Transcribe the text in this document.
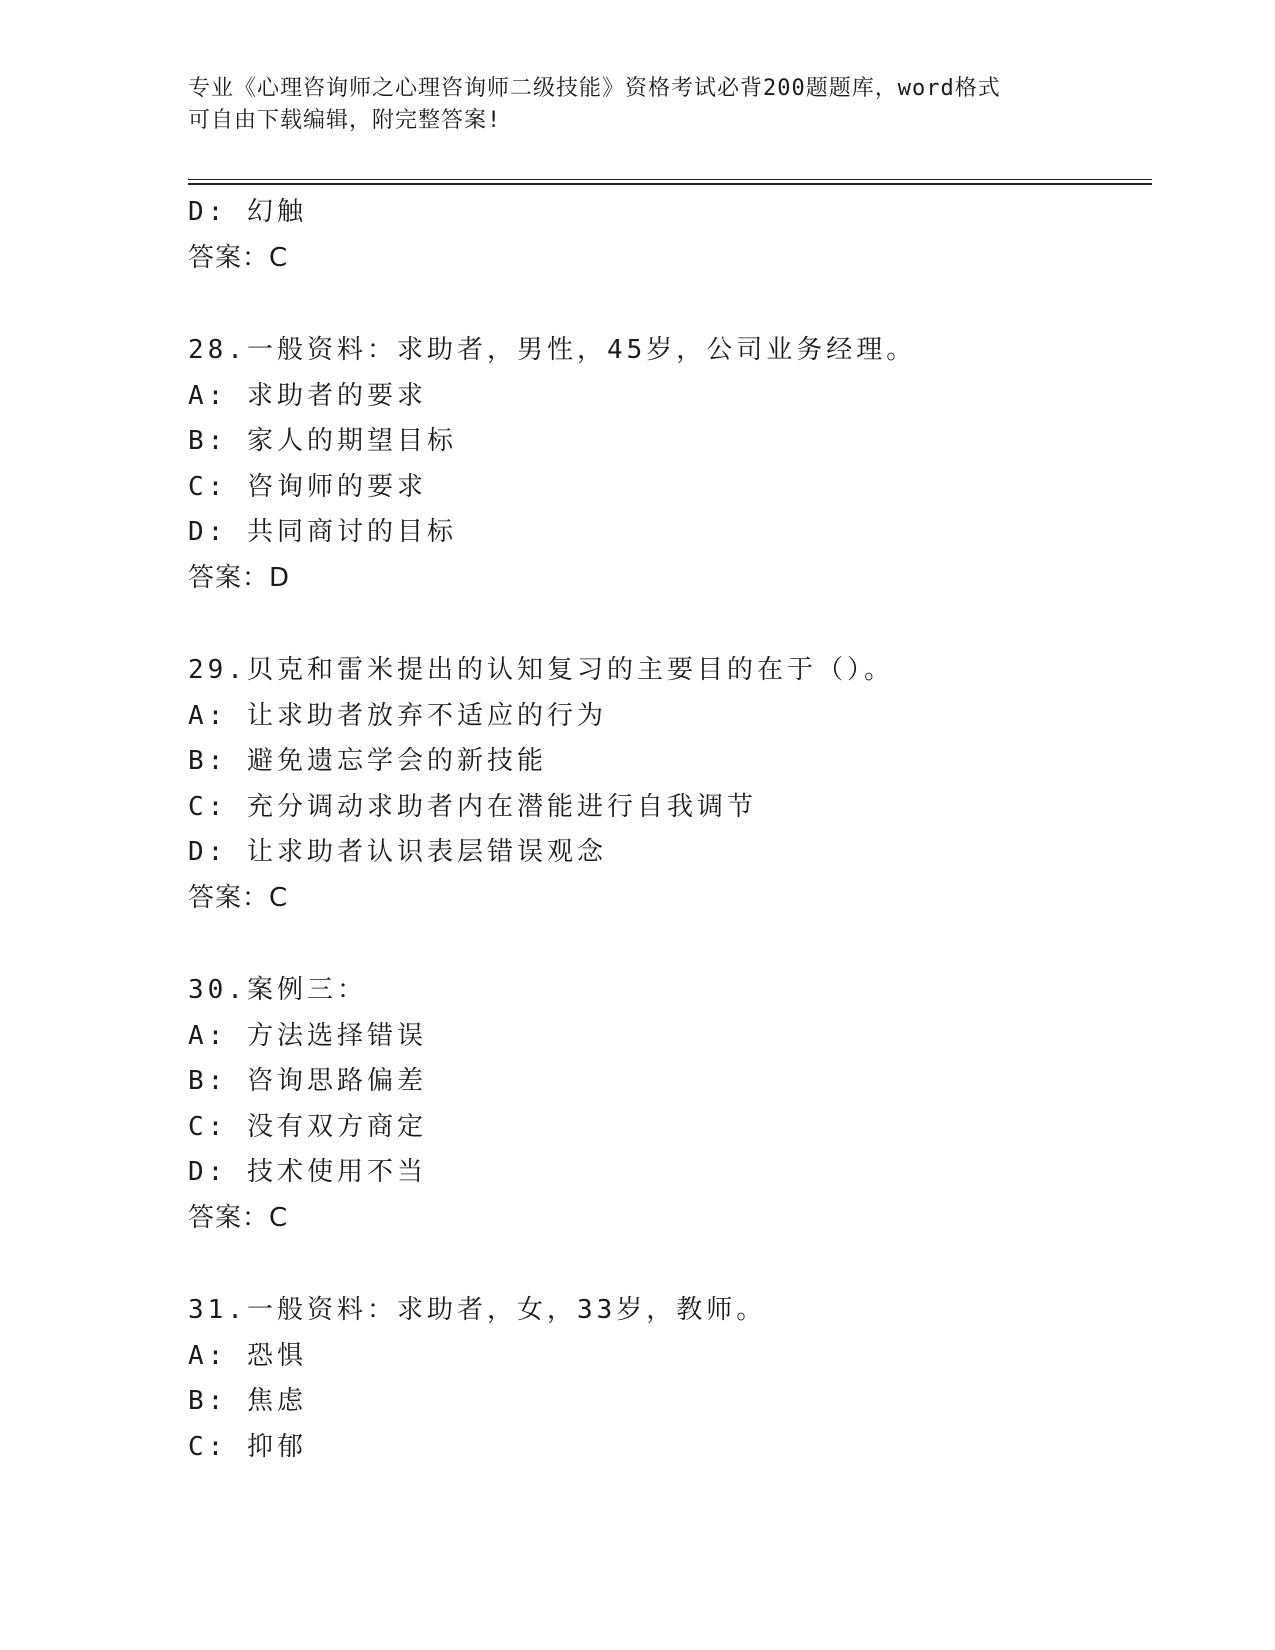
专业《心理咨询师之心理咨询师二级技能》资格考试必背200题题库，word格式
可自由下载编辑，附完整答案!
D: 幻触
答案：C
28.一般资料：求助者，男性，45岁，公司业务经理。
A: 求助者的要求
B: 家人的期望目标
C: 咨询师的要求
D: 共同商讨的目标
答案：D
29.贝克和雷米提出的认知复习的主要目的在于（）。
A: 让求助者放弃不适应的行为
B: 避免遗忘学会的新技能
C: 充分调动求助者内在潜能进行自我调节
D: 让求助者认识表层错误观念
答案：C
30.案例三：
A: 方法选择错误
B: 咨询思路偏差
C: 没有双方商定
D: 技术使用不当
答案：C
31.一般资料：求助者，女，33岁，教师。
A: 恐惧
B: 焦虑
C: 抑郁
